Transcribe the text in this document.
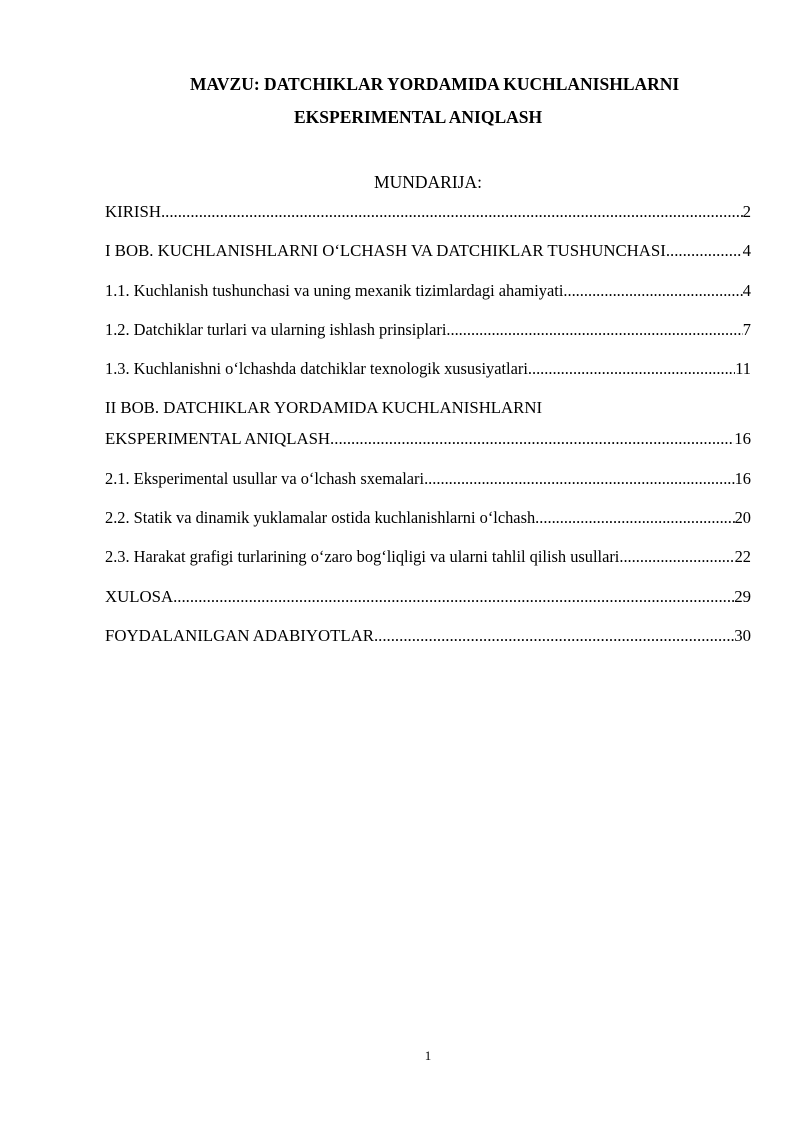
MAVZU: DATCHIKLAR YORDAMIDA KUCHLANISHLARNI
EKSPERIMENTAL ANIQLASH
MUNDARIJA:
KIRISH .....	2
I BOB. KUCHLANISHLARNI O‘LCHASH VA DATCHIKLAR TUSHUNCHASI .....	4
1.1. Kuchlanish tushunchasi va uning mexanik tizimlardagi ahamiyati .....	4
1.2. Datchiklar turlari va ularning ishlash prinsiplari .....	7
1.3. Kuchlanishni o‘lchashda datchiklar texnologik xususiyatlari .....	11
II BOB. DATCHIKLAR YORDAMIDA KUCHLANISHLARNI
EKSPERIMENTAL ANIQLASH .....	16
2.1. Eksperimental usullar va o‘lchash sxemalari .....	16
2.2. Statik va dinamik yuklamalar ostida kuchlanishlarni o‘lchash .....	20
2.3. Harakat grafigi turlarining o‘zaro bog‘liqligi va ularni tahlil qilish usullari .....	22
XULOSA .....	29
FOYDALANILGAN ADABIYOTLAR .....	30
1
